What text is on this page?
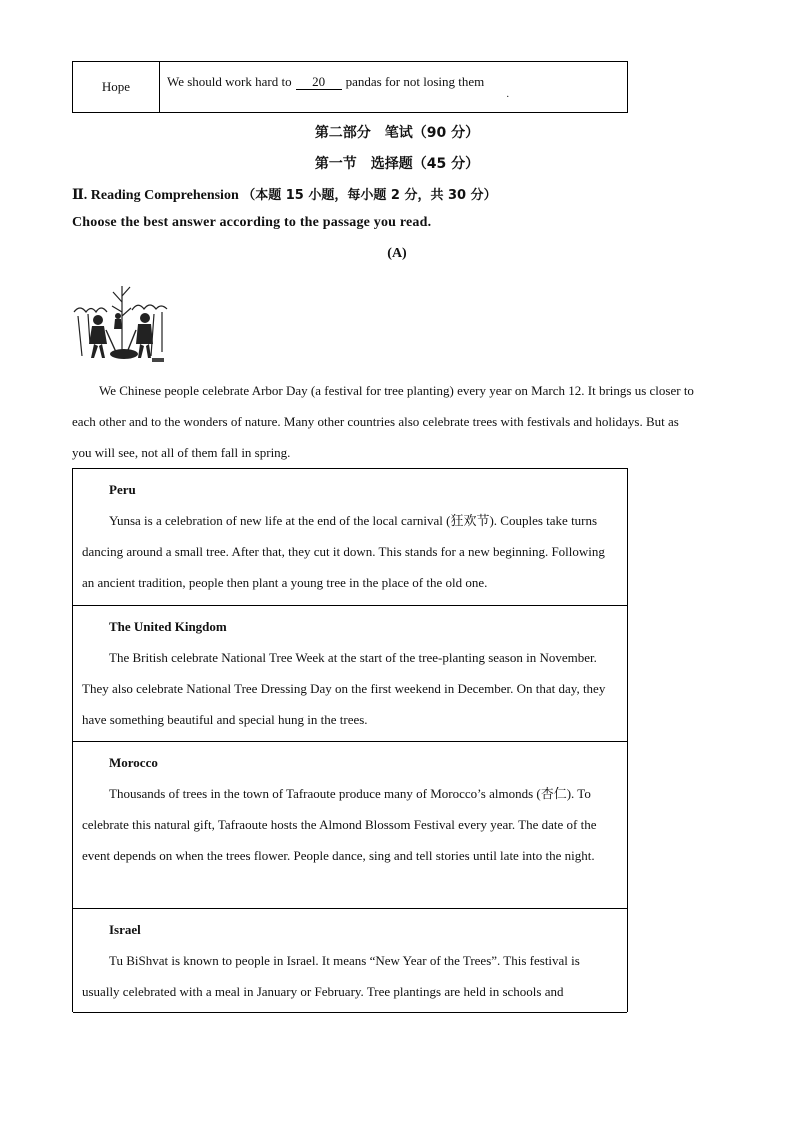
Hope	We should work hard to 20 pandas for not losing them
.
第二部分　笔试（90 分）
第一节　选择题（45 分）
Ⅱ. Reading Comprehension （本题 15 小题，每小题 2 分，共 30 分）
Choose the best answer according to the passage you read.
(A)
We Chinese people celebrate Arbor Day (a festival for tree planting) every year on March 12. It brings us closer to each other and to the wonders of nature. Many other countries also celebrate trees with festivals and holidays. But as you will see, not all of them fall in spring.
Peru
Yunsa is a celebration of new life at the end of the local carnival (狂欢节). Couples take turns dancing around a small tree. After that, they cut it down. This stands for a new beginning. Following an ancient tradition, people then plant a young tree in the place of the old one.
The United Kingdom
The British celebrate National Tree Week at the start of the tree-planting season in November. They also celebrate National Tree Dressing Day on the first weekend in December. On that day, they have something beautiful and special hung in the trees.
Morocco
Thousands of trees in the town of Tafraoute produce many of Morocco’s almonds (杏仁). To celebrate this natural gift, Tafraoute hosts the Almond Blossom Festival every year. The date of the event depends on when the trees flower. People dance, sing and tell stories until late into the night.
Israel
Tu BiShvat is known to people in Israel. It means “New Year of the Trees”. This festival is usually celebrated with a meal in January or February. Tree plantings are held in schools and
